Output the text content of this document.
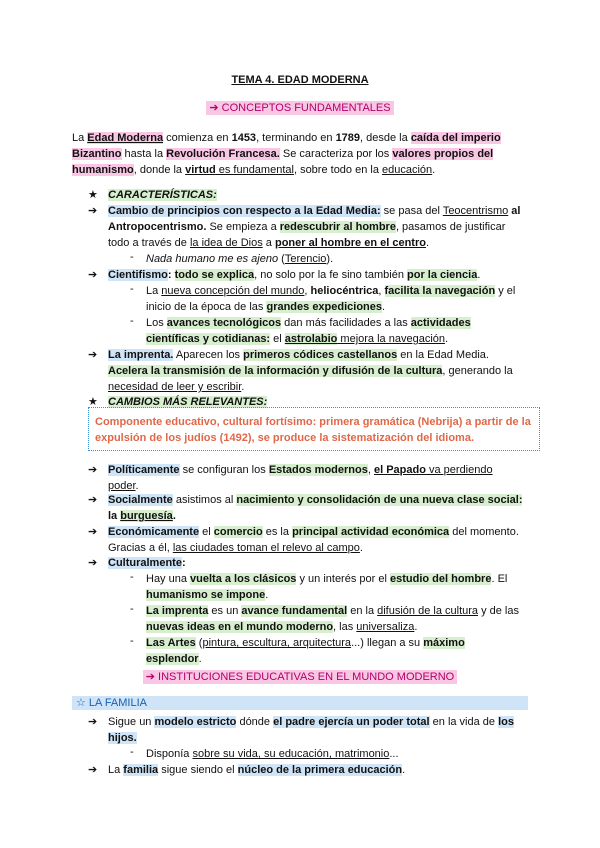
TEMA 4. EDAD MODERNA
➔ CONCEPTOS FUNDAMENTALES
La Edad Moderna comienza en 1453, terminando en 1789, desde la caída del imperio
Bizantino hasta la Revolución Francesa. Se caracteriza por los valores propios del
humanismo, donde la virtud es fundamental, sobre todo en la educación.
★ CARACTERÍSTICAS:
➔ Cambio de principios con respecto a la Edad Media: se pasa del Teocentrismo al
Antropocentrismo. Se empieza a redescubrir al hombre, pasamos de justificar
todo a través de la idea de Dios a poner al hombre en el centro.
- Nada humano me es ajeno (Terencio).
➔ Cientifismo: todo se explica, no solo por la fe sino también por la ciencia.
- La nueva concepción del mundo, heliocéntrica, facilita la navegación y el
inicio de la época de las grandes expediciones.
- Los avances tecnológicos dan más facilidades a las actividades
científicas y cotidianas: el astrolabio mejora la navegación.
➔ La imprenta. Aparecen los primeros códices castellanos en la Edad Media.
Acelera la transmisión de la información y difusión de la cultura, generando la
necesidad de leer y escribir.
★ CAMBIOS MÁS RELEVANTES:
Componente educativo, cultural fortísimo: primera gramática (Nebrija) a partir de la
expulsión de los judíos (1492), se produce la sistematización del idioma.
➔ Políticamente se configuran los Estados modernos, el Papado va perdiendo
poder.
➔ Socialmente asistimos al nacimiento y consolidación de una nueva clase social:
la burguesía.
➔ Económicamente el comercio es la principal actividad económica del momento.
Gracias a él, las ciudades toman el relevo al campo.
➔ Culturalmente:
- Hay una vuelta a los clásicos y un interés por el estudio del hombre. El
humanismo se impone.
- La imprenta es un avance fundamental en la difusión de la cultura y de las
nuevas ideas en el mundo moderno, las universaliza.
- Las Artes (pintura, escultura, arquitectura...) llegan a su máximo
esplendor.
➔ INSTITUCIONES EDUCATIVAS EN EL MUNDO MODERNO
☆ LA FAMILIA
➔ Sigue un modelo estricto dónde el padre ejercía un poder total en la vida de los
hijos.
- Disponía sobre su vida, su educación, matrimonio...
➔ La familia sigue siendo el núcleo de la primera educación.
